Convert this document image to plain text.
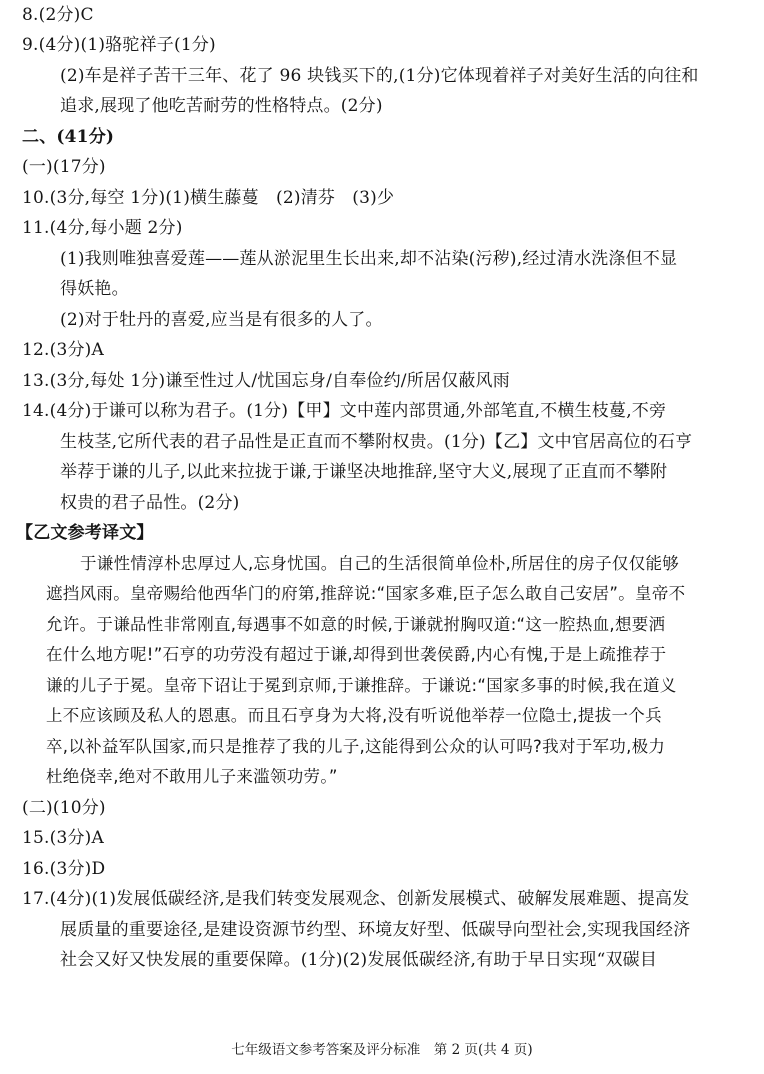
8.(2分)C
9.(4分)(1)骆驼祥子(1分)
(2)车是祥子苦干三年、花了 96 块钱买下的,(1分)它体现着祥子对美好生活的向往和
追求,展现了他吃苦耐劳的性格特点。(2分)
二、(41分)
(一)(17分)
10.(3分,每空 1分)(1)横生藤蔓　(2)清芬　(3)少
11.(4分,每小题 2分)
(1)我则唯独喜爱莲——莲从淤泥里生长出来,却不沾染(污秽),经过清水洗涤但不显
得妖艳。
(2)对于牡丹的喜爱,应当是有很多的人了。
12.(3分)A
13.(3分,每处 1分)谦至性过人/忧国忘身/自奉俭约/所居仅蔽风雨
14.(4分)于谦可以称为君子。(1分)【甲】文中莲内部贯通,外部笔直,不横生枝蔓,不旁
生枝茎,它所代表的君子品性是正直而不攀附权贵。(1分)【乙】文中官居高位的石亨
举荐于谦的儿子,以此来拉拢于谦,于谦坚决地推辞,坚守大义,展现了正直而不攀附
权贵的君子品性。(2分)
【乙文参考译文】
于谦性情淳朴忠厚过人,忘身忧国。自己的生活很简单俭朴,所居住的房子仅仅能够
遮挡风雨。皇帝赐给他西华门的府第,推辞说:“国家多难,臣子怎么敢自己安居”。皇帝不
允许。于谦品性非常刚直,每遇事不如意的时候,于谦就拊胸叹道:“这一腔热血,想要洒
在什么地方呢!”石亨的功劳没有超过于谦,却得到世袭侯爵,内心有愧,于是上疏推荐于
谦的儿子于冕。皇帝下诏让于冕到京师,于谦推辞。于谦说:“国家多事的时候,我在道义
上不应该顾及私人的恩惠。而且石亨身为大将,没有听说他举荐一位隐士,提拔一个兵
卒,以补益军队国家,而只是推荐了我的儿子,这能得到公众的认可吗?我对于军功,极力
杜绝侥幸,绝对不敢用儿子来滥领功劳。”
(二)(10分)
15.(3分)A
16.(3分)D
17.(4分)(1)发展低碳经济,是我们转变发展观念、创新发展模式、破解发展难题、提高发
展质量的重要途径,是建设资源节约型、环境友好型、低碳导向型社会,实现我国经济
社会又好又快发展的重要保障。(1分)(2)发展低碳经济,有助于早日实现“双碳目
七年级语文参考答案及评分标准　第 2 页(共 4 页)
